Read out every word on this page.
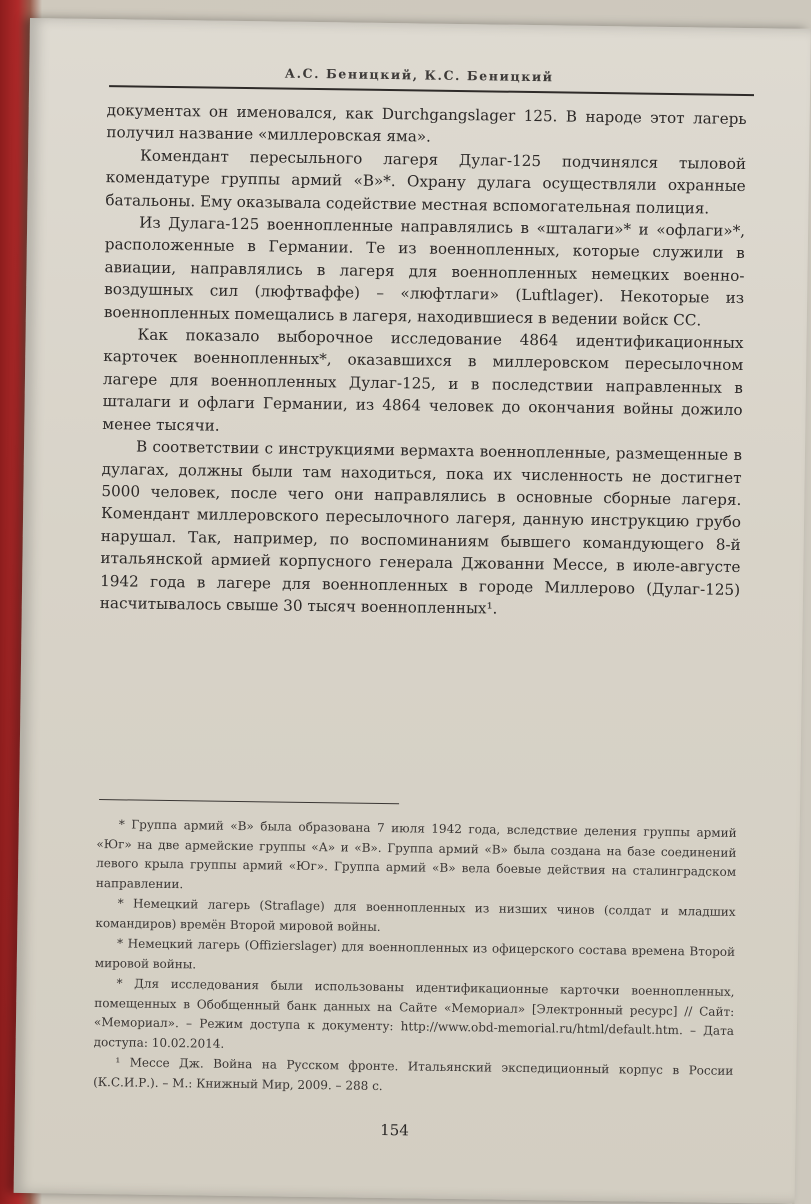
А.С. Беницкий, К.С. Беницкий

документах он именовался, как Durchgangslager 125. В народе этот лагерь получил название «миллеровская яма».

Комендант пересыльного лагеря Дулаг-125 подчинялся тыловой комендатуре группы армий «В»*. Охрану дулага осуществляли охранные батальоны. Ему оказывала содействие местная вспомогательная полиция.

Из Дулага-125 военнопленные направлялись в «шталаги»* и «офлаги»*, расположенные в Германии. Те из военнопленных, которые служили в авиации, направлялись в лагеря для военнопленных немецких военно-воздушных сил (люфтваффе) – «люфтлаги» (Luftlager). Некоторые из военнопленных помещались в лагеря, находившиеся в ведении войск СС.

Как показало выборочное исследование 4864 идентификационных карточек военнопленных*, оказавшихся в миллеровском пересылочном лагере для военнопленных Дулаг-125, и в последствии направленных в шталаги и офлаги Германии, из 4864 человек до окончания войны дожило менее тысячи.

В соответствии с инструкциями вермахта военнопленные, размещенные в дулагах, должны были там находиться, пока их численность не достигнет 5000 человек, после чего они направлялись в основные сборные лагеря. Комендант миллеровского пересылочного лагеря, данную инструкцию грубо нарушал. Так, например, по воспоминаниям бывшего командующего 8-й итальянской армией корпусного генерала Джованни Мессе, в июле-августе 1942 года в лагере для военнопленных в городе Миллерово (Дулаг-125) насчитывалось свыше 30 тысяч военнопленных¹.

* Группа армий «В» была образована 7 июля 1942 года, вследствие деления группы армий «Юг» на две армейские группы «А» и «В». Группа армий «В» была создана на базе соединений левого крыла группы армий «Юг». Группа армий «В» вела боевые действия на сталинградском направлении.

* Немецкий лагерь (Straflage) для военнопленных из низших чинов (солдат и младших командиров) времён Второй мировой войны.

* Немецкий лагерь (Offizierslager) для военнопленных из офицерского состава времена Второй мировой войны.

* Для исследования были использованы идентификационные карточки военнопленных, помещенных в Обобщенный банк данных на Сайте «Мемориал» [Электронный ресурс] // Сайт: «Мемориал». – Режим доступа к документу: http://www.obd-memorial.ru/html/default.htm. – Дата доступа: 10.02.2014.

¹ Мессе Дж. Война на Русском фронте. Итальянский экспедиционный корпус в России (К.С.И.Р.). – М.: Книжный Мир, 2009. – 288 с.

154
